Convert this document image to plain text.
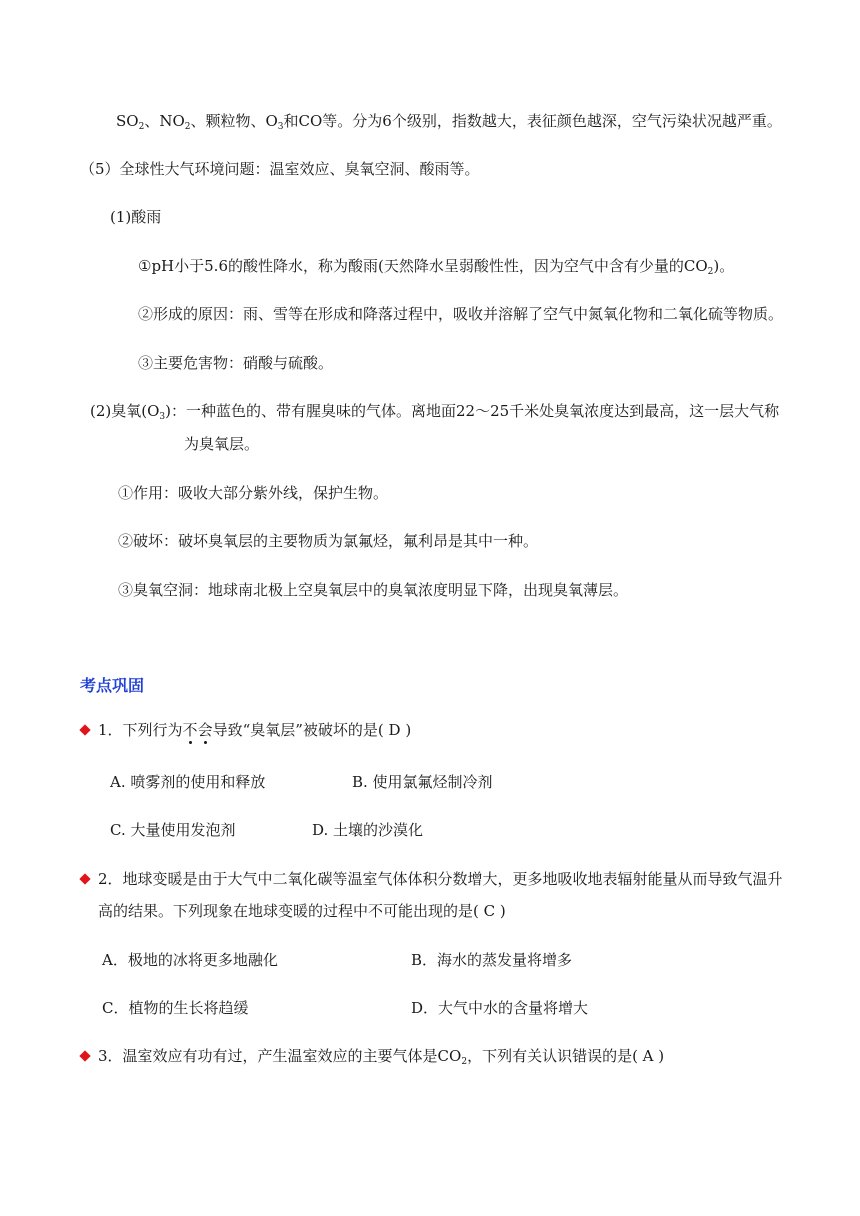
$SO_2$、$NO_2$、颗粒物、$O_3$和CO等。分为6个级别，指数越大，表征颜色越深，空气污染状况越严重。
（5）全球性大气环境问题：温室效应、臭氧空洞、酸雨等。
(1)酸雨
①pH小于5.6的酸性降水，称为酸雨(天然降水呈弱酸性性，因为空气中含有少量的$CO_2$)。
②形成的原因：雨、雪等在形成和降落过程中，吸收并溶解了空气中氮氧化物和二氧化硫等物质。
③主要危害物：硝酸与硫酸。
(2)臭氧$(O_3)$：一种蓝色的、带有腥臭味的气体。离地面22～25千米处臭氧浓度达到最高，这一层大气称
为臭氧层。
①作用：吸收大部分紫外线，保护生物。
②破坏：破坏臭氧层的主要物质为氯氟烃，氟利昂是其中一种。
③臭氧空洞：地球南北极上空臭氧层中的臭氧浓度明显下降，出现臭氧薄层。
考点巩固
1．下列行为不会导致“臭氧层”被破坏的是( D )
A. 喷雾剂的使用和释放	B. 使用氯氟烃制冷剂
C. 大量使用发泡剂	D. 土壤的沙漠化
2．地球变暖是由于大气中二氧化碳等温室气体体积分数增大，更多地吸收地表辐射能量从而导致气温升
高的结果。下列现象在地球变暖的过程中不可能出现的是( C )
A．极地的冰将更多地融化	B．海水的蒸发量将增多
C．植物的生长将趋缓	D．大气中水的含量将增大
3．温室效应有功有过，产生温室效应的主要气体是$CO_2$，下列有关认识错误的是( A )
